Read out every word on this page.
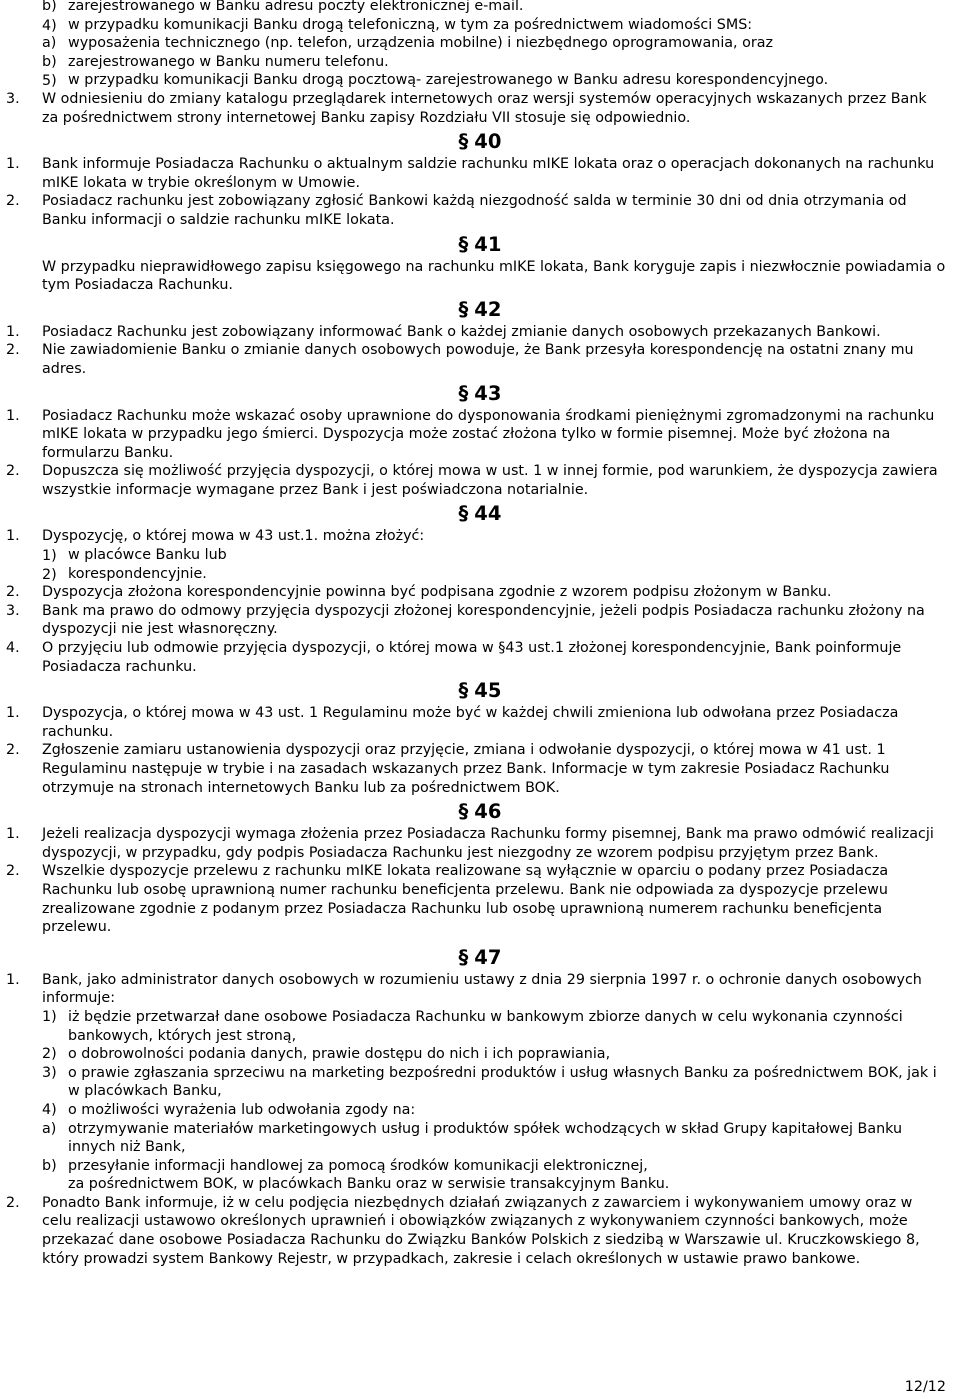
b) zarejestrowanego w Banku adresu poczty elektronicznej e-mail.
4) w przypadku komunikacji Banku drogą telefoniczną, w tym za pośrednictwem wiadomości SMS:
a) wyposażenia technicznego (np. telefon, urządzenia mobilne) i niezbędnego oprogramowania, oraz
b) zarejestrowanego w Banku numeru telefonu.
5) w przypadku komunikacji Banku drogą pocztową- zarejestrowanego w Banku adresu korespondencyjnego.
3. W odniesieniu do zmiany katalogu przeglądarek internetowych oraz wersji systemów operacyjnych wskazanych przez Bank za pośrednictwem strony internetowej Banku zapisy Rozdziału VII stosuje się odpowiednio.
§ 40
1. Bank informuje Posiadacza Rachunku o aktualnym saldzie rachunku mIKE lokata oraz o operacjach dokonanych na rachunku mIKE lokata w trybie określonym w Umowie.
2. Posiadacz rachunku jest zobowiązany zgłosić Bankowi każdą niezgodność salda w terminie 30 dni od dnia otrzymania od Banku informacji o saldzie rachunku mIKE lokata.
§ 41
W przypadku nieprawidłowego zapisu księgowego na rachunku mIKE lokata, Bank koryguje zapis i niezwłocznie powiadamia o tym Posiadacza Rachunku.
§ 42
1. Posiadacz Rachunku jest zobowiązany informować Bank o każdej zmianie danych osobowych przekazanych Bankowi.
2. Nie zawiadomienie Banku o zmianie danych osobowych powoduje, że Bank przesyła korespondencję na ostatni znany mu adres.
§ 43
1. Posiadacz Rachunku może wskazać osoby uprawnione do dysponowania środkami pieniężnymi zgromadzonymi na rachunku mIKE lokata w przypadku jego śmierci. Dyspozycja może zostać złożona tylko w formie pisemnej. Może być złożona na formularzu Banku.
2. Dopuszcza się możliwość przyjęcia dyspozycji, o której mowa w ust. 1 w innej formie, pod warunkiem, że dyspozycja zawiera wszystkie informacje wymagane przez Bank i jest poświadczona notarialnie.
§ 44
1. Dyspozycję, o której mowa w 43 ust.1. można złożyć:
1) w placówce Banku lub
2) korespondencyjnie.
2. Dyspozycja złożona korespondencyjnie powinna być podpisana zgodnie z wzorem podpisu złożonym w Banku.
3. Bank ma prawo do odmowy przyjęcia dyspozycji złożonej korespondencyjnie, jeżeli podpis Posiadacza rachunku złożony na dyspozycji nie jest własnoręczny.
4. O przyjęciu lub odmowie przyjęcia dyspozycji, o której mowa w §43 ust.1 złożonej korespondencyjnie, Bank poinformuje Posiadacza rachunku.
§ 45
1. Dyspozycja, o której mowa w 43 ust. 1 Regulaminu może być w każdej chwili zmieniona lub odwołana przez Posiadacza rachunku.
2. Zgłoszenie zamiaru ustanowienia dyspozycji oraz przyjęcie, zmiana i odwołanie dyspozycji, o której mowa w 41 ust. 1 Regulaminu następuje w trybie i na zasadach wskazanych przez Bank. Informacje w tym zakresie Posiadacz Rachunku otrzymuje na stronach internetowych Banku lub za pośrednictwem BOK.
§ 46
1. Jeżeli realizacja dyspozycji wymaga złożenia przez Posiadacza Rachunku formy pisemnej, Bank ma prawo odmówić realizacji dyspozycji, w przypadku, gdy podpis Posiadacza Rachunku jest niezgodny ze wzorem podpisu przyjętym przez Bank.
2. Wszelkie dyspozycje przelewu z rachunku mIKE lokata realizowane są wyłącznie w oparciu o podany przez Posiadacza Rachunku lub osobę uprawnioną numer rachunku beneficjenta przelewu. Bank nie odpowiada za dyspozycje przelewu zrealizowane zgodnie z podanym przez Posiadacza Rachunku lub osobę uprawnioną numerem rachunku beneficjenta przelewu.
§ 47
1. Bank, jako administrator danych osobowych w rozumieniu ustawy z dnia 29 sierpnia 1997 r. o ochronie danych osobowych informuje:
1) iż będzie przetwarzał dane osobowe Posiadacza Rachunku w bankowym zbiorze danych w celu wykonania czynności bankowych, których jest stroną,
2) o dobrowolności podania danych, prawie dostępu do nich i ich poprawiania,
3) o prawie zgłaszania sprzeciwu na marketing bezpośredni produktów i usług własnych Banku za pośrednictwem BOK, jak i w placówkach Banku,
4) o możliwości wyrażenia lub odwołania zgody na:
a) otrzymywanie materiałów marketingowych usług i produktów spółek wchodzących w skład Grupy kapitałowej Banku innych niż Bank,
b) przesyłanie informacji handlowej za pomocą środków komunikacji elektronicznej,
za pośrednictwem BOK, w placówkach Banku oraz w serwisie transakcyjnym Banku.
2. Ponadto Bank informuje, iż w celu podjęcia niezbędnych działań związanych z zawarciem i wykonywaniem umowy oraz w celu realizacji ustawowo określonych uprawnień i obowiązków związanych z wykonywaniem czynności bankowych, może przekazać dane osobowe Posiadacza Rachunku do Związku Banków Polskich z siedzibą w Warszawie ul. Kruczkowskiego 8, który prowadzi system Bankowy Rejestr, w przypadkach, zakresie i celach określonych w ustawie prawo bankowe.
12/12
